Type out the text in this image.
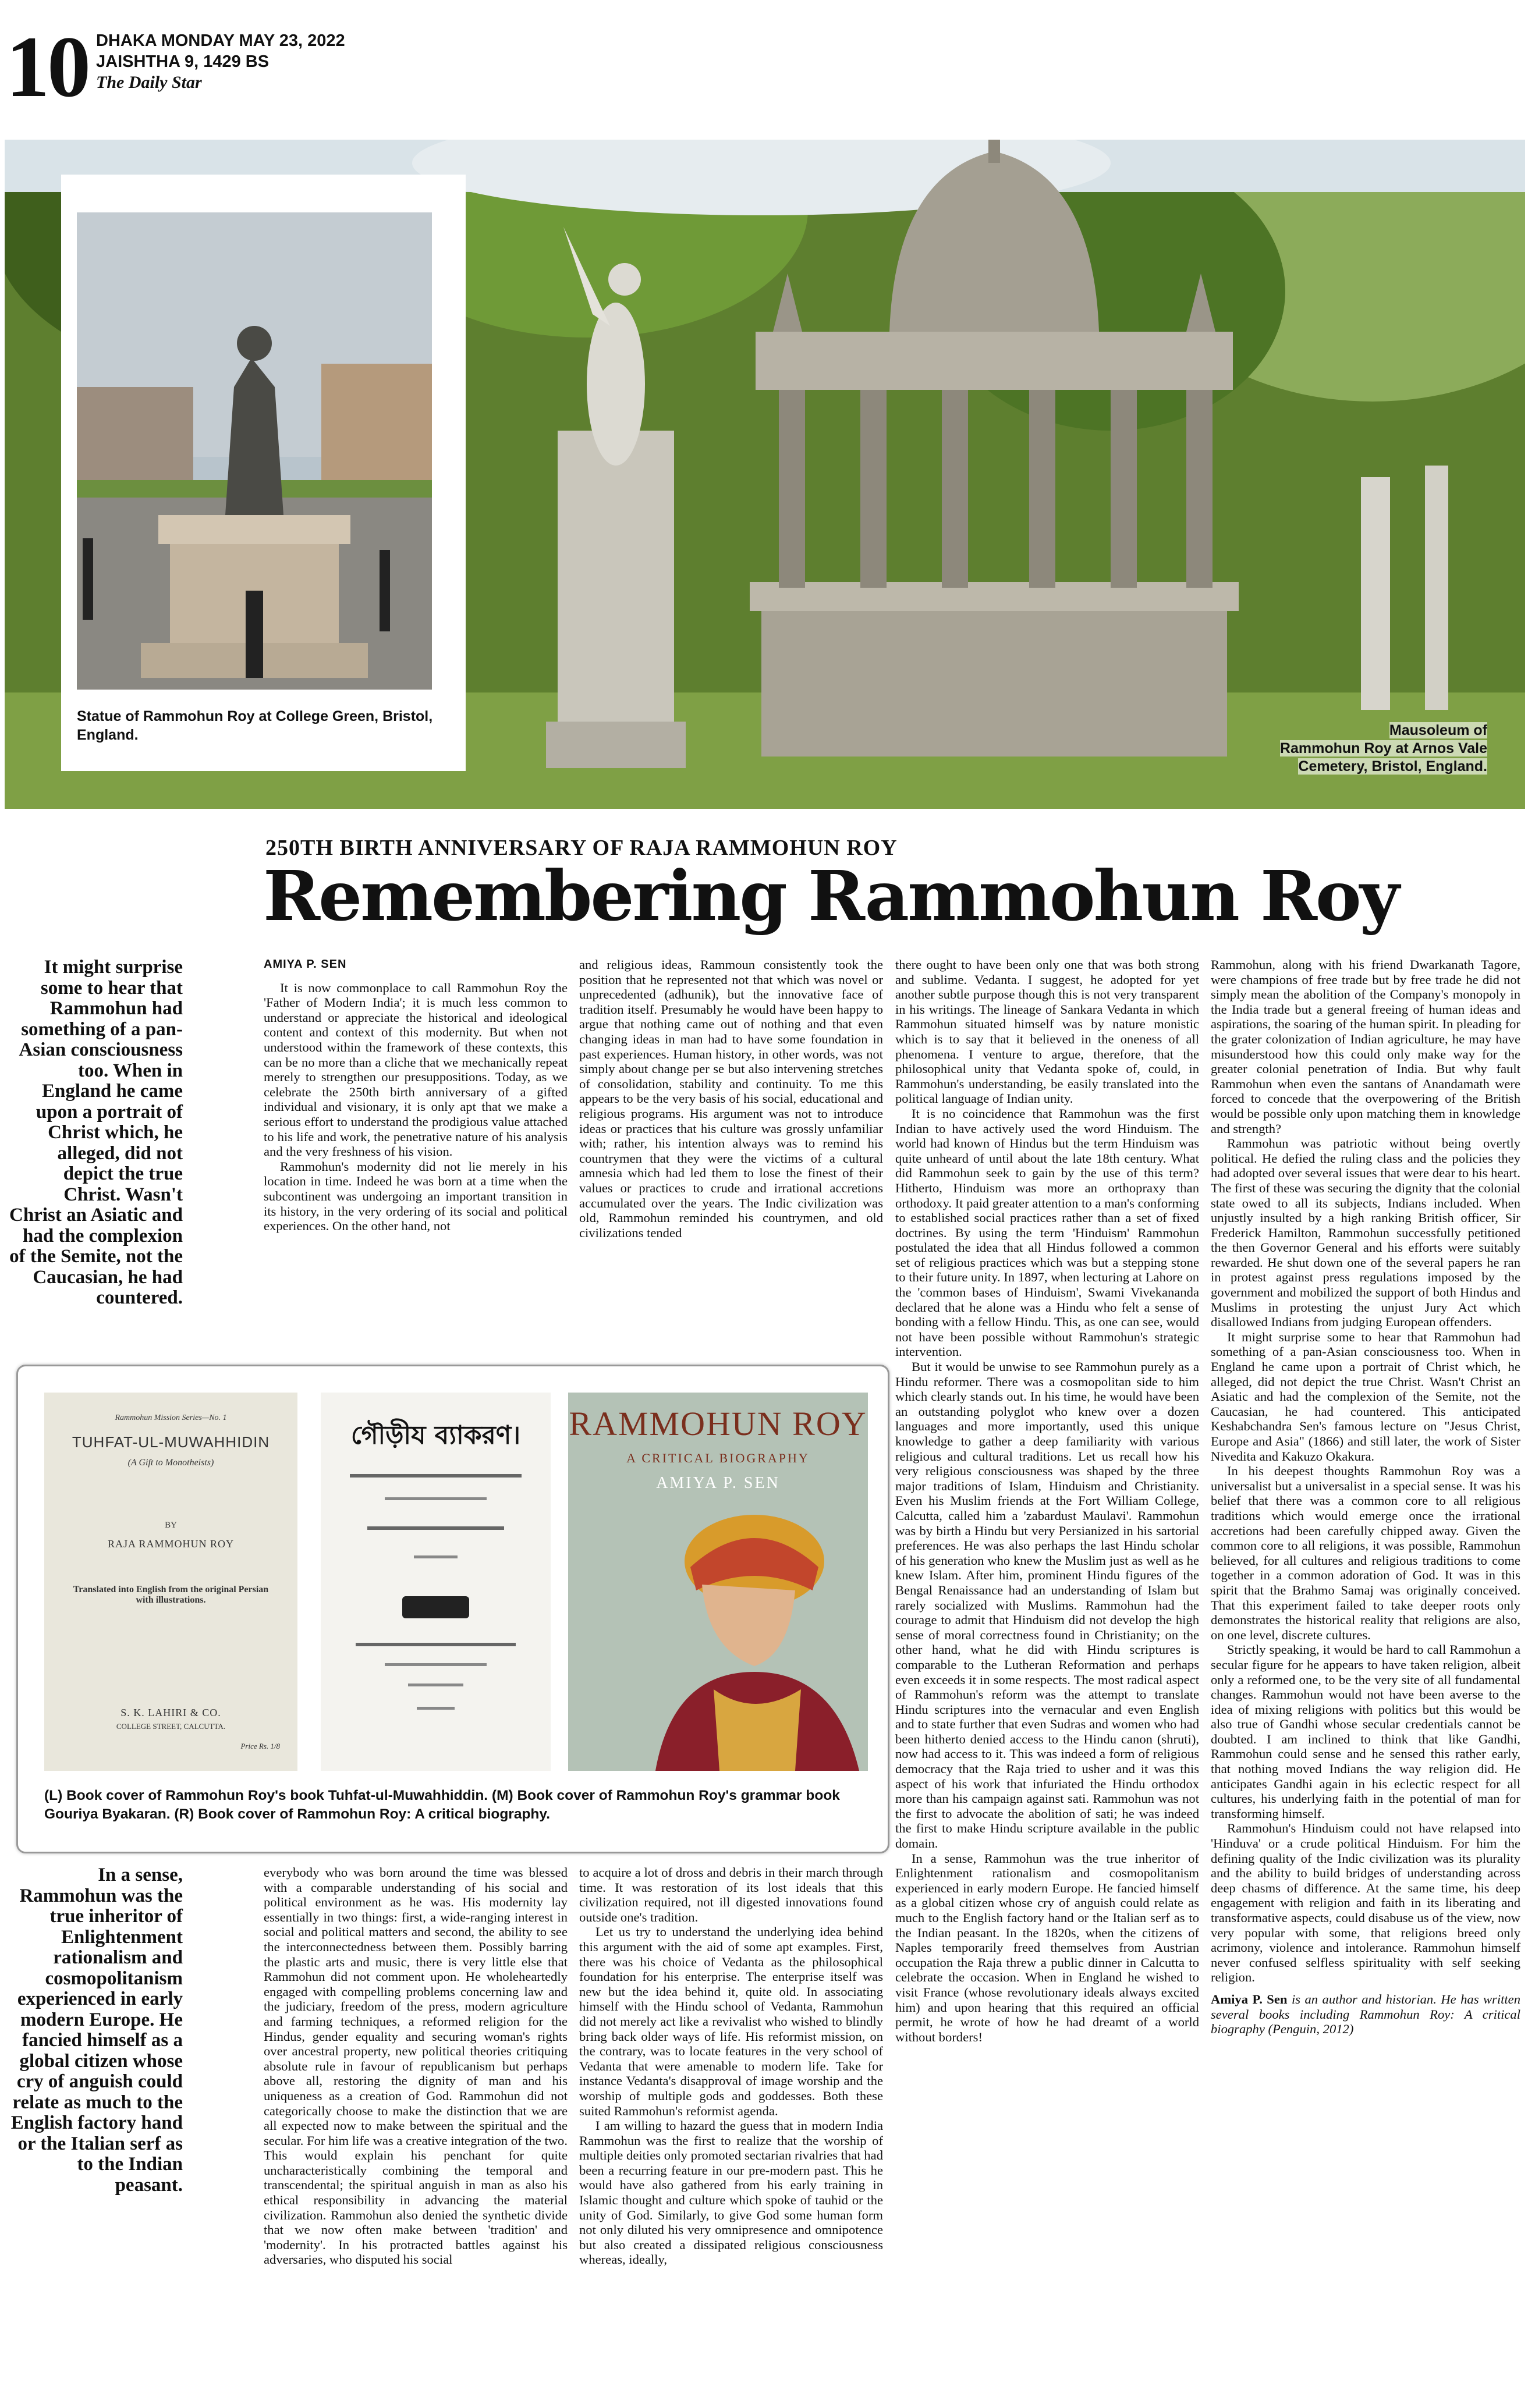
10 DHAKA MONDAY MAY 23, 2022
JAISHTHA 9, 1429 BS
The Daily Star
Statue of Rammohun Roy at College Green, Bristol, England.	Mausoleum of
Rammohun Roy at Arnos Vale
Cemetery, Bristol, England.
250TH BIRTH ANNIVERSARY OF RAJA RAMMOHUN ROY
Remembering Rammohun Roy
It might surprise some to hear that Rammohun had something of a pan-Asian consciousness too. When in England he came upon a portrait of Christ which, he alleged, did not depict the true Christ. Wasn't Christ an Asiatic and had the complexion of the Semite, not the Caucasian, he had countered.
In a sense, Rammohun was the true inheritor of Enlightenment rationalism and cosmopolitanism experienced in early modern Europe. He fancied himself as a global citizen whose cry of anguish could relate as much to the English factory hand or the Italian serf as to the Indian peasant.

AMIYA P. SEN

It is now commonplace to call Rammohun Roy the 'Father of Modern India'; it is much less common to understand or appreciate the historical and ideological content and context of this modernity. But when not understood within the framework of these contexts, this can be no more than a cliche that we mechanically repeat merely to strengthen our presuppositions. Today, as we celebrate the 250th birth anniversary of a gifted individual and visionary, it is only apt that we make a serious effort to understand the prodigious value attached to his life and work, the penetrative nature of his analysis and the very freshness of his vision.

Rammohun's modernity did not lie merely in his location in time. Indeed he was born at a time when the subcontinent was undergoing an important transition in its history, in the very ordering of its social and political experiences. On the other hand, not

and religious ideas, Rammoun consistently took the position that he represented not that which was novel or unprecedented (adhunik), but the innovative face of tradition itself. Presumably he would have been happy to argue that nothing came out of nothing and that even changing ideas in man had to have some foundation in past experiences. Human history, in other words, was not simply about change per se but also intervening stretches of consolidation, stability and continuity. To me this appears to be the very basis of his social, educational and religious programs. His argument was not to introduce ideas or practices that his culture was grossly unfamiliar with; rather, his intention always was to remind his countrymen that they were the victims of a cultural amnesia which had led them to lose the finest of their values or practices to crude and irrational accretions accumulated over the years. The Indic civilization was old, Rammohun reminded his countrymen, and old civilizations tended

there ought to have been only one that was both strong and sublime. Vedanta. I suggest, he adopted for yet another subtle purpose though this is not very transparent in his writings. The lineage of Sankara Vedanta in which Rammohun situated himself was by nature monistic which is to say that it believed in the oneness of all phenomena. I venture to argue, therefore, that the philosophical unity that Vedanta spoke of, could, in Rammohun's understanding, be easily translated into the political language of Indian unity.

It is no coincidence that Rammohun was the first Indian to have actively used the word Hinduism. The world had known of Hindus but the term Hinduism was quite unheard of until about the late 18th century. What did Rammohun seek to gain by the use of this term? Hitherto, Hinduism was more an orthopraxy than orthodoxy. It paid greater attention to a man's conforming to established social practices rather than a set of fixed doctrines. By using the term 'Hinduism' Rammohun postulated the idea that all Hindus followed a common set of religious practices which was but a stepping stone to their future unity. In 1897, when lecturing at Lahore on the 'common bases of Hinduism', Swami Vivekananda declared that he alone was a Hindu who felt a sense of bonding with a fellow Hindu. This, as one can see, would not have been possible without Rammohun's strategic intervention.

But it would be unwise to see Rammohun purely as a Hindu reformer. There was a cosmopolitan side to him which clearly stands out. In his time, he would have been an outstanding polyglot who knew over a dozen languages and more importantly, used this unique knowledge to gather a deep familiarity with various religious and cultural traditions. Let us recall how his very religious consciousness was shaped by the three major traditions of Islam, Hinduism and Christianity. Even his Muslim friends at the Fort William College, Calcutta, called him a 'zabardust Maulavi'. Rammohun was by birth a Hindu but very Persianized in his sartorial preferences. He was also perhaps the last Hindu scholar of his generation who knew the Muslim just as well as he knew Islam. After him, prominent Hindu figures of the Bengal Renaissance had an understanding of Islam but rarely socialized with Muslims. Rammohun had the courage to admit that Hinduism did not develop the high sense of moral correctness found in Christianity; on the other hand, what he did with Hindu scriptures is comparable to the Lutheran Reformation and perhaps even exceeds it in some respects. The most radical aspect of Rammohun's reform was the attempt to translate Hindu scriptures into the vernacular and even English and to state further that even Sudras and women who had been hitherto denied access to the Hindu canon (shruti), now had access to it. This was indeed a form of religious democracy that the Raja tried to usher and it was this aspect of his work that infuriated the Hindu orthodox more than his campaign against sati. Rammohun was not the first to advocate the abolition of sati; he was indeed the first to make Hindu scripture available in the public domain.

In a sense, Rammohun was the true inheritor of Enlightenment rationalism and cosmopolitanism experienced in early modern Europe. He fancied himself as a global citizen whose cry of anguish could relate as much to the English factory hand or the Italian serf as to the Indian peasant. In the 1820s, when the citizens of Naples temporarily freed themselves from Austrian occupation the Raja threw a public dinner in Calcutta to celebrate the occasion. When in England he wished to visit France (whose revolutionary ideals always excited him) and upon hearing that this required an official permit, he wrote of how he had dreamt of a world without borders!

Rammohun, along with his friend Dwarkanath Tagore, were champions of free trade but by free trade he did not simply mean the abolition of the Company's monopoly in the India trade but a general freeing of human ideas and aspirations, the soaring of the human spirit. In pleading for the grater colonization of Indian agriculture, he may have misunderstood how this could only make way for the greater colonial penetration of India. But why fault Rammohun when even the santans of Anandamath were forced to concede that the overpowering of the British would be possible only upon matching them in knowledge and strength?

Rammohun was patriotic without being overtly political. He defied the ruling class and the policies they had adopted over several issues that were dear to his heart. The first of these was securing the dignity that the colonial state owed to all its subjects, Indians included. When unjustly insulted by a high ranking British officer, Sir Frederick Hamilton, Rammohun successfully petitioned the then Governor General and his efforts were suitably rewarded. He shut down one of the several papers he ran in protest against press regulations imposed by the government and mobilized the support of both Hindus and Muslims in protesting the unjust Jury Act which disallowed Indians from judging European offenders.

It might surprise some to hear that Rammohun had something of a pan-Asian consciousness too. When in England he came upon a portrait of Christ which, he alleged, did not depict the true Christ. Wasn't Christ an Asiatic and had the complexion of the Semite, not the Caucasian, he had countered. This anticipated Keshabchandra Sen's famous lecture on "Jesus Christ, Europe and Asia" (1866) and still later, the work of Sister Nivedita and Kakuzo Okakura.

In his deepest thoughts Rammohun Roy was a universalist but a universalist in a special sense. It was his belief that there was a common core to all religious traditions which would emerge once the irrational accretions had been carefully chipped away. Given the common core to all religions, it was possible, Rammohun believed, for all cultures and religious traditions to come together in a common adoration of God. It was in this spirit that the Brahmo Samaj was originally conceived. That this experiment failed to take deeper roots only demonstrates the historical reality that religions are also, on one level, discrete cultures.

Strictly speaking, it would be hard to call Rammohun a secular figure for he appears to have taken religion, albeit only a reformed one, to be the very site of all fundamental changes. Rammohun would not have been averse to the idea of mixing religions with politics but this would be also true of Gandhi whose secular credentials cannot be doubted. I am inclined to think that like Gandhi, Rammohun could sense and he sensed this rather early, that nothing moved Indians the way religion did. He anticipates Gandhi again in his eclectic respect for all cultures, his underlying faith in the potential of man for transforming himself.

Rammohun's Hinduism could not have relapsed into 'Hinduva' or a crude political Hinduism. For him the defining quality of the Indic civilization was its plurality and the ability to build bridges of understanding across deep chasms of difference. At the same time, his deep engagement with religion and faith in its liberating and transformative aspects, could disabuse us of the view, now very popular with some, that religions breed only acrimony, violence and intolerance. Rammohun himself never confused selfless spirituality with self seeking religion.

Amiya P. Sen is an author and historian. He has written several books including Rammohun Roy: A critical biography (Penguin, 2012)

everybody who was born around the time was blessed with a comparable understanding of his social and political environment as he was. His modernity lay essentially in two things: first, a wide-ranging interest in social and political matters and second, the ability to see the interconnectedness between them. Possibly barring the plastic arts and music, there is very little else that Rammohun did not comment upon. He wholeheartedly engaged with compelling problems concerning law and the judiciary, freedom of the press, modern agriculture and farming techniques, a reformed religion for the Hindus, gender equality and securing woman's rights over ancestral property, new political theories critiquing absolute rule in favour of republicanism but perhaps above all, restoring the dignity of man and his uniqueness as a creation of God. Rammohun did not categorically choose to make the distinction that we are all expected now to make between the spiritual and the secular. For him life was a creative integration of the two. This would explain his penchant for quite uncharacteristically combining the temporal and transcendental; the spiritual anguish in man as also his ethical responsibility in advancing the material civilization. Rammohun also denied the synthetic divide that we now often make between 'tradition' and 'modernity'. In his protracted battles against his adversaries, who disputed his social

to acquire a lot of dross and debris in their march through time. It was restoration of its lost ideals that this civilization required, not ill digested innovations found outside one's tradition.

Let us try to understand the underlying idea behind this argument with the aid of some apt examples. First, there was his choice of Vedanta as the philosophical foundation for his enterprise. The enterprise itself was new but the idea behind it, quite old. In associating himself with the Hindu school of Vedanta, Rammohun did not merely act like a revivalist who wished to blindly bring back older ways of life. His reformist mission, on the contrary, was to locate features in the very school of Vedanta that were amenable to modern life. Take for instance Vedanta's disapproval of image worship and the worship of multiple gods and goddesses. Both these suited Rammohun's reformist agenda.

I am willing to hazard the guess that in modern India Rammohun was the first to realize that the worship of multiple deities only promoted sectarian rivalries that had been a recurring feature in our pre-modern past. This he would have also gathered from his early training in Islamic thought and culture which spoke of tauhid or the unity of God. Similarly, to give God some human form not only diluted his very omnipresence and omnipotence but also created a dissipated religious consciousness whereas, ideally,

Rammohun Mission Series—No. 1
TUHFAT-UL-MUWAHHIDIN
(A Gift to Monotheists)
BY
RAJA RAMMOHUN ROY
Translated into English from the original Persian with illustrations.
S. K. LAHIRI & CO.
COLLEGE STREET, CALCUTTA.
Price Rs. 1/8
গৌড়ীয ব্যাকরণ।	RAMMOHUN ROY
A CRITICAL BIOGRAPHY
AMIYA P. SEN
(L) Book cover of Rammohun Roy's book Tuhfat-ul-Muwahhiddin. (M) Book cover of Rammohun Roy's grammar book Gouriya Byakaran. (R) Book cover of Rammohun Roy: A critical biography.
